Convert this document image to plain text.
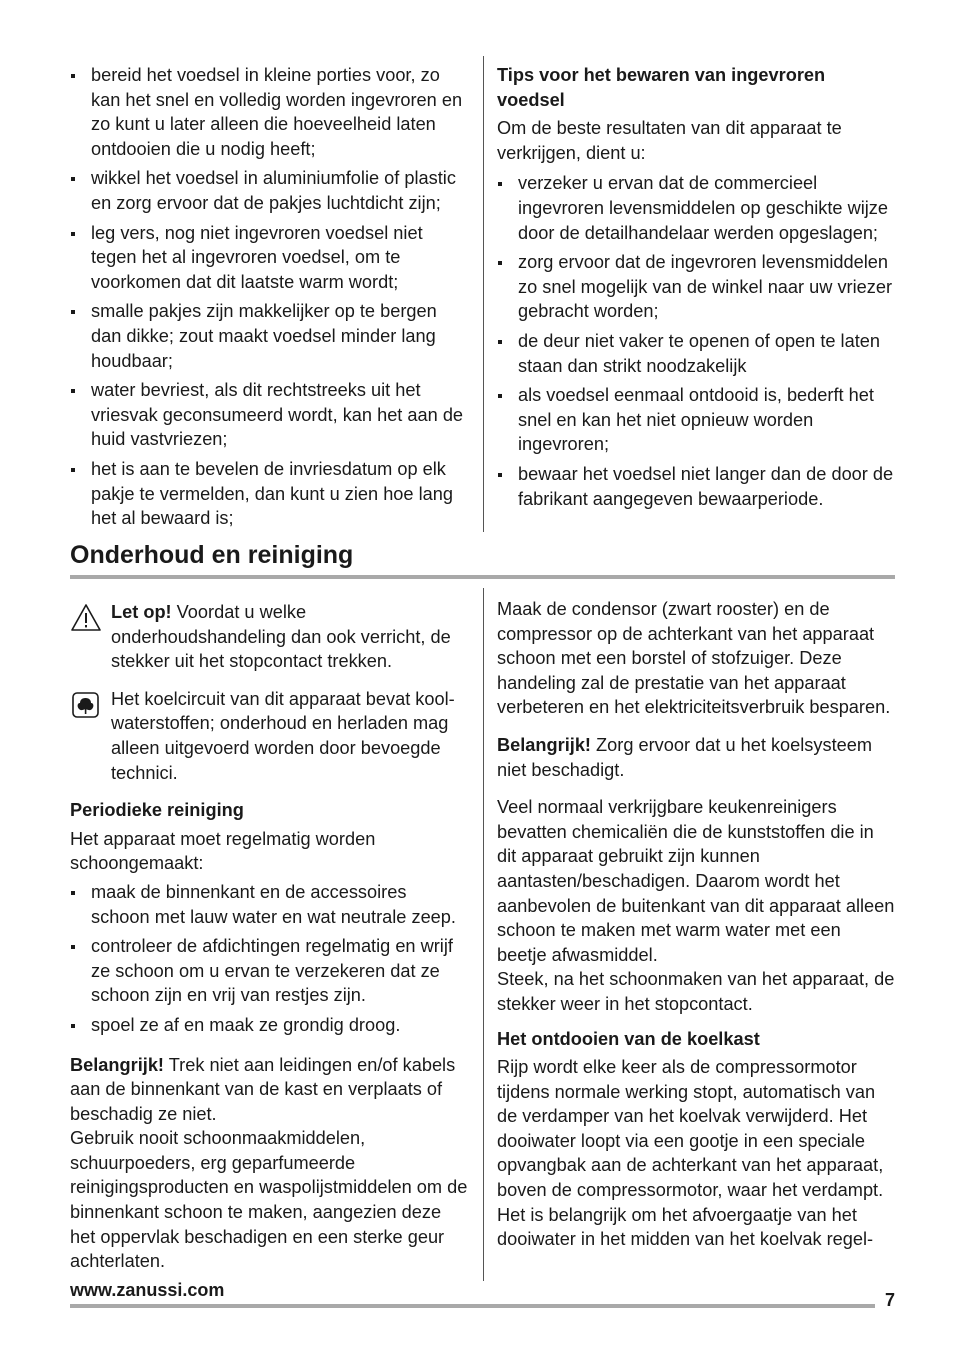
bereid het voedsel in kleine porties voor, zo kan het snel en volledig worden ingevroren en zo kunt u later alleen die hoeveelheid laten ontdooien die u nodig heeft;
wikkel het voedsel in aluminiumfolie of plastic en zorg ervoor dat de pakjes luchtdicht zijn;
leg vers, nog niet ingevroren voedsel niet tegen het al ingevroren voedsel, om te voorkomen dat dit laatste warm wordt;
smalle pakjes zijn makkelijker op te bergen dan dikke; zout maakt voedsel minder lang houdbaar;
water bevriest, als dit rechtstreeks uit het vriesvak geconsumeerd wordt, kan het aan de huid vastvriezen;
het is aan te bevelen de invriesdatum op elk pakje te vermelden, dan kunt u zien hoe lang het al bewaard is;

Tips voor het bewaren van ingevroren voedsel

Om de beste resultaten van dit apparaat te verkrijgen, dient u:

verzeker u ervan dat de commercieel ingevroren levensmiddelen op geschikte wijze door de detailhandelaar werden opgeslagen;
zorg ervoor dat de ingevroren levensmiddelen zo snel mogelijk van de winkel naar uw vriezer gebracht worden;
de deur niet vaker te openen of open te laten staan dan strikt noodzakelijk
als voedsel eenmaal ontdooid is, bederft het snel en kan het niet opnieuw worden ingevroren;
bewaar het voedsel niet langer dan de door de fabrikant aangegeven bewaarperiode.
Onderhoud en reiniging
Let op! Voordat u welke
onderhoudshandeling dan ook verricht, de stekker uit het stopcontact trekken.
Het koelcircuit van dit apparaat bevat kool-
waterstoffen; onderhoud en herladen mag alleen uitgevoerd worden door bevoegde technici.

Periodieke reiniging

Het apparaat moet regelmatig worden schoongemaakt:

maak de binnenkant en de accessoires schoon met lauw water en wat neutrale zeep.
controleer de afdichtingen regelmatig en wrijf ze schoon om u ervan te verzekeren dat ze schoon zijn en vrij van restjes zijn.
spoel ze af en maak ze grondig droog.

Belangrijk! Trek niet aan leidingen en/of kabels aan de binnenkant van de kast en verplaats of beschadig ze niet.

Gebruik nooit schoonmaakmiddelen, schuurpoeders, erg geparfumeerde reinigingsproducten en waspolijstmiddelen om de binnenkant schoon te maken, aangezien deze het oppervlak beschadigen en een sterke geur achterlaten.

Maak de condensor (zwart rooster) en de compressor op de achterkant van het apparaat schoon met een borstel of stofzuiger. Deze handeling zal de prestatie van het apparaat verbeteren en het elektriciteitsverbruik besparen.

Belangrijk! Zorg ervoor dat u het koelsysteem niet beschadigt.

Veel normaal verkrijgbare keukenreinigers bevatten chemicaliën die de kunststoffen die in dit apparaat gebruikt zijn kunnen aantasten/beschadigen. Daarom wordt het aanbevolen de buitenkant van dit apparaat alleen schoon te maken met warm water met een beetje afwasmiddel.

Steek, na het schoonmaken van het apparaat, de stekker weer in het stopcontact.

Het ontdooien van de koelkast

Rijp wordt elke keer als de compressormotor tijdens normale werking stopt, automatisch van de verdamper van het koelvak verwijderd. Het dooiwater loopt via een gootje in een speciale opvangbak aan de achterkant van het apparaat, boven de compressormotor, waar het verdampt.

Het is belangrijk om het afvoergaatje van het dooiwater in het midden van het koelvak regel-

www.zanussi.com	7
